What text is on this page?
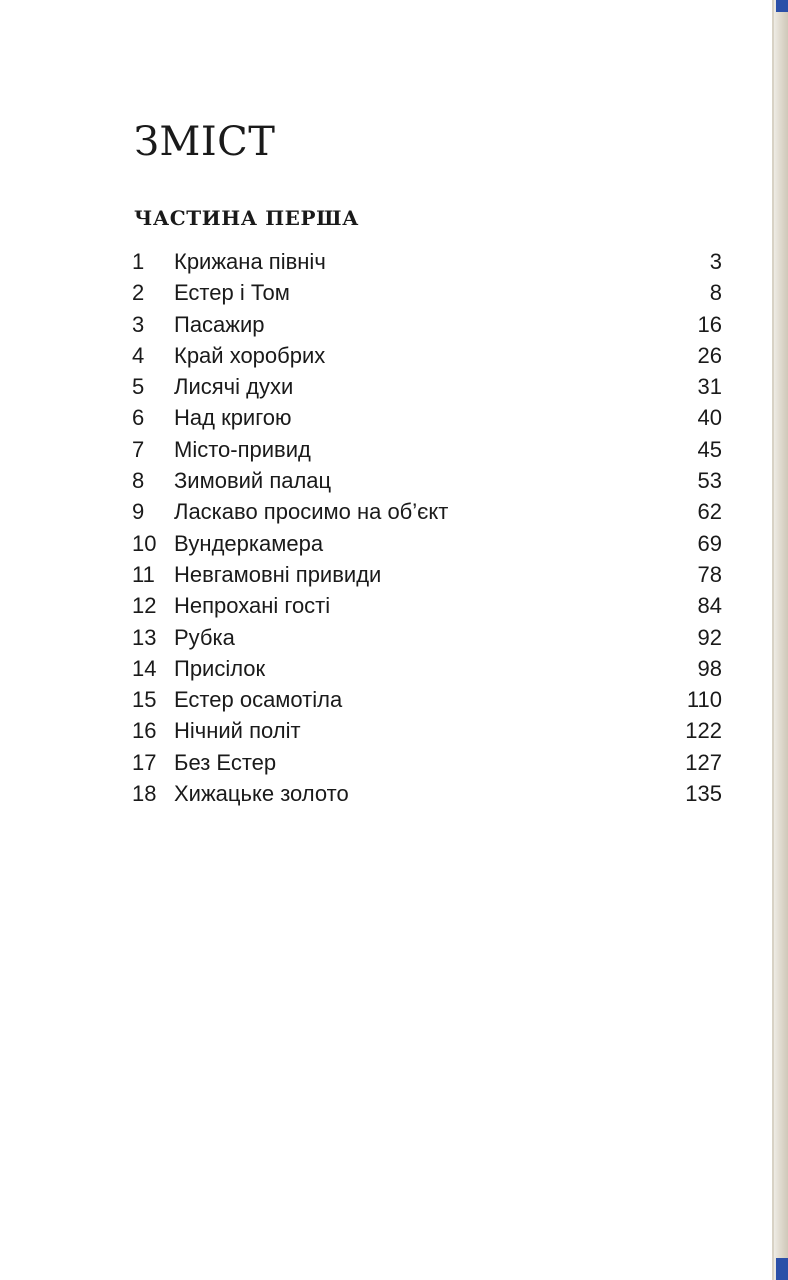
ЗМІСТ
ЧАСТИНА ПЕРША
1	Крижана північ	3
2	Естер і Том	8
3	Пасажир	16
4	Край хоробрих	26
5	Лисячі духи	31
6	Над кригою	40
7	Місто-привид	45
8	Зимовий палац	53
9	Ласкаво просимо на об’єкт	62
10 Вундеркамера	69
11 Невгамовні привиди	78
12 Непрохані гості	84
13 Рубка	92
14 Присілок	98
15 Естер осамотіла	110
16 Нічний політ	122
17 Без Естер	127
18 Хижацьке золото	135
